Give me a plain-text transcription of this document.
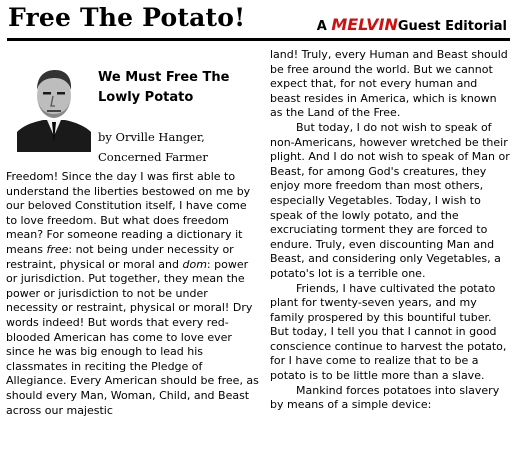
Free The Potato!	A MELVINGuest Editorial
We Must Free The Lowly Potato
by Orville Hanger,
Concerned Farmer

Freedom! Since the day I was first able to understand the liberties bestowed on me by our beloved Constitution itself, I have come to love freedom. But what does freedom mean? For someone reading a dictionary it means free: not being under necessity or restraint, physical or moral and dom: power or jurisdiction. Put together, they mean the power or jurisdiction to not be under necessity or restraint, physical or moral! Dry words indeed! But words that every red-blooded American has come to love ever since he was big enough to lead his classmates in reciting the Pledge of Allegiance. Every American should be free, as should every Man, Woman, Child, and Beast across our majestic

land! Truly, every Human and Beast should be free around the world. But we cannot expect that, for not every human and beast resides in America, which is known as the Land of the Free.

But today, I do not wish to speak of non-Americans, however wretched be their plight. And I do not wish to speak of Man or Beast, for among God's creatures, they enjoy more freedom than most others, especially Vegetables. Today, I wish to speak of the lowly potato, and the excruciating torment they are forced to endure. Truly, even discounting Man and Beast, and considering only Vegetables, a potato's lot is a terrible one.

Friends, I have cultivated the potato plant for twenty-seven years, and my family prospered by this bountiful tuber. But today, I tell you that I cannot in good conscience continue to harvest the potato, for I have come to realize that to be a potato is to be little more than a slave.

Mankind forces potatoes into slavery by means of a simple device:
